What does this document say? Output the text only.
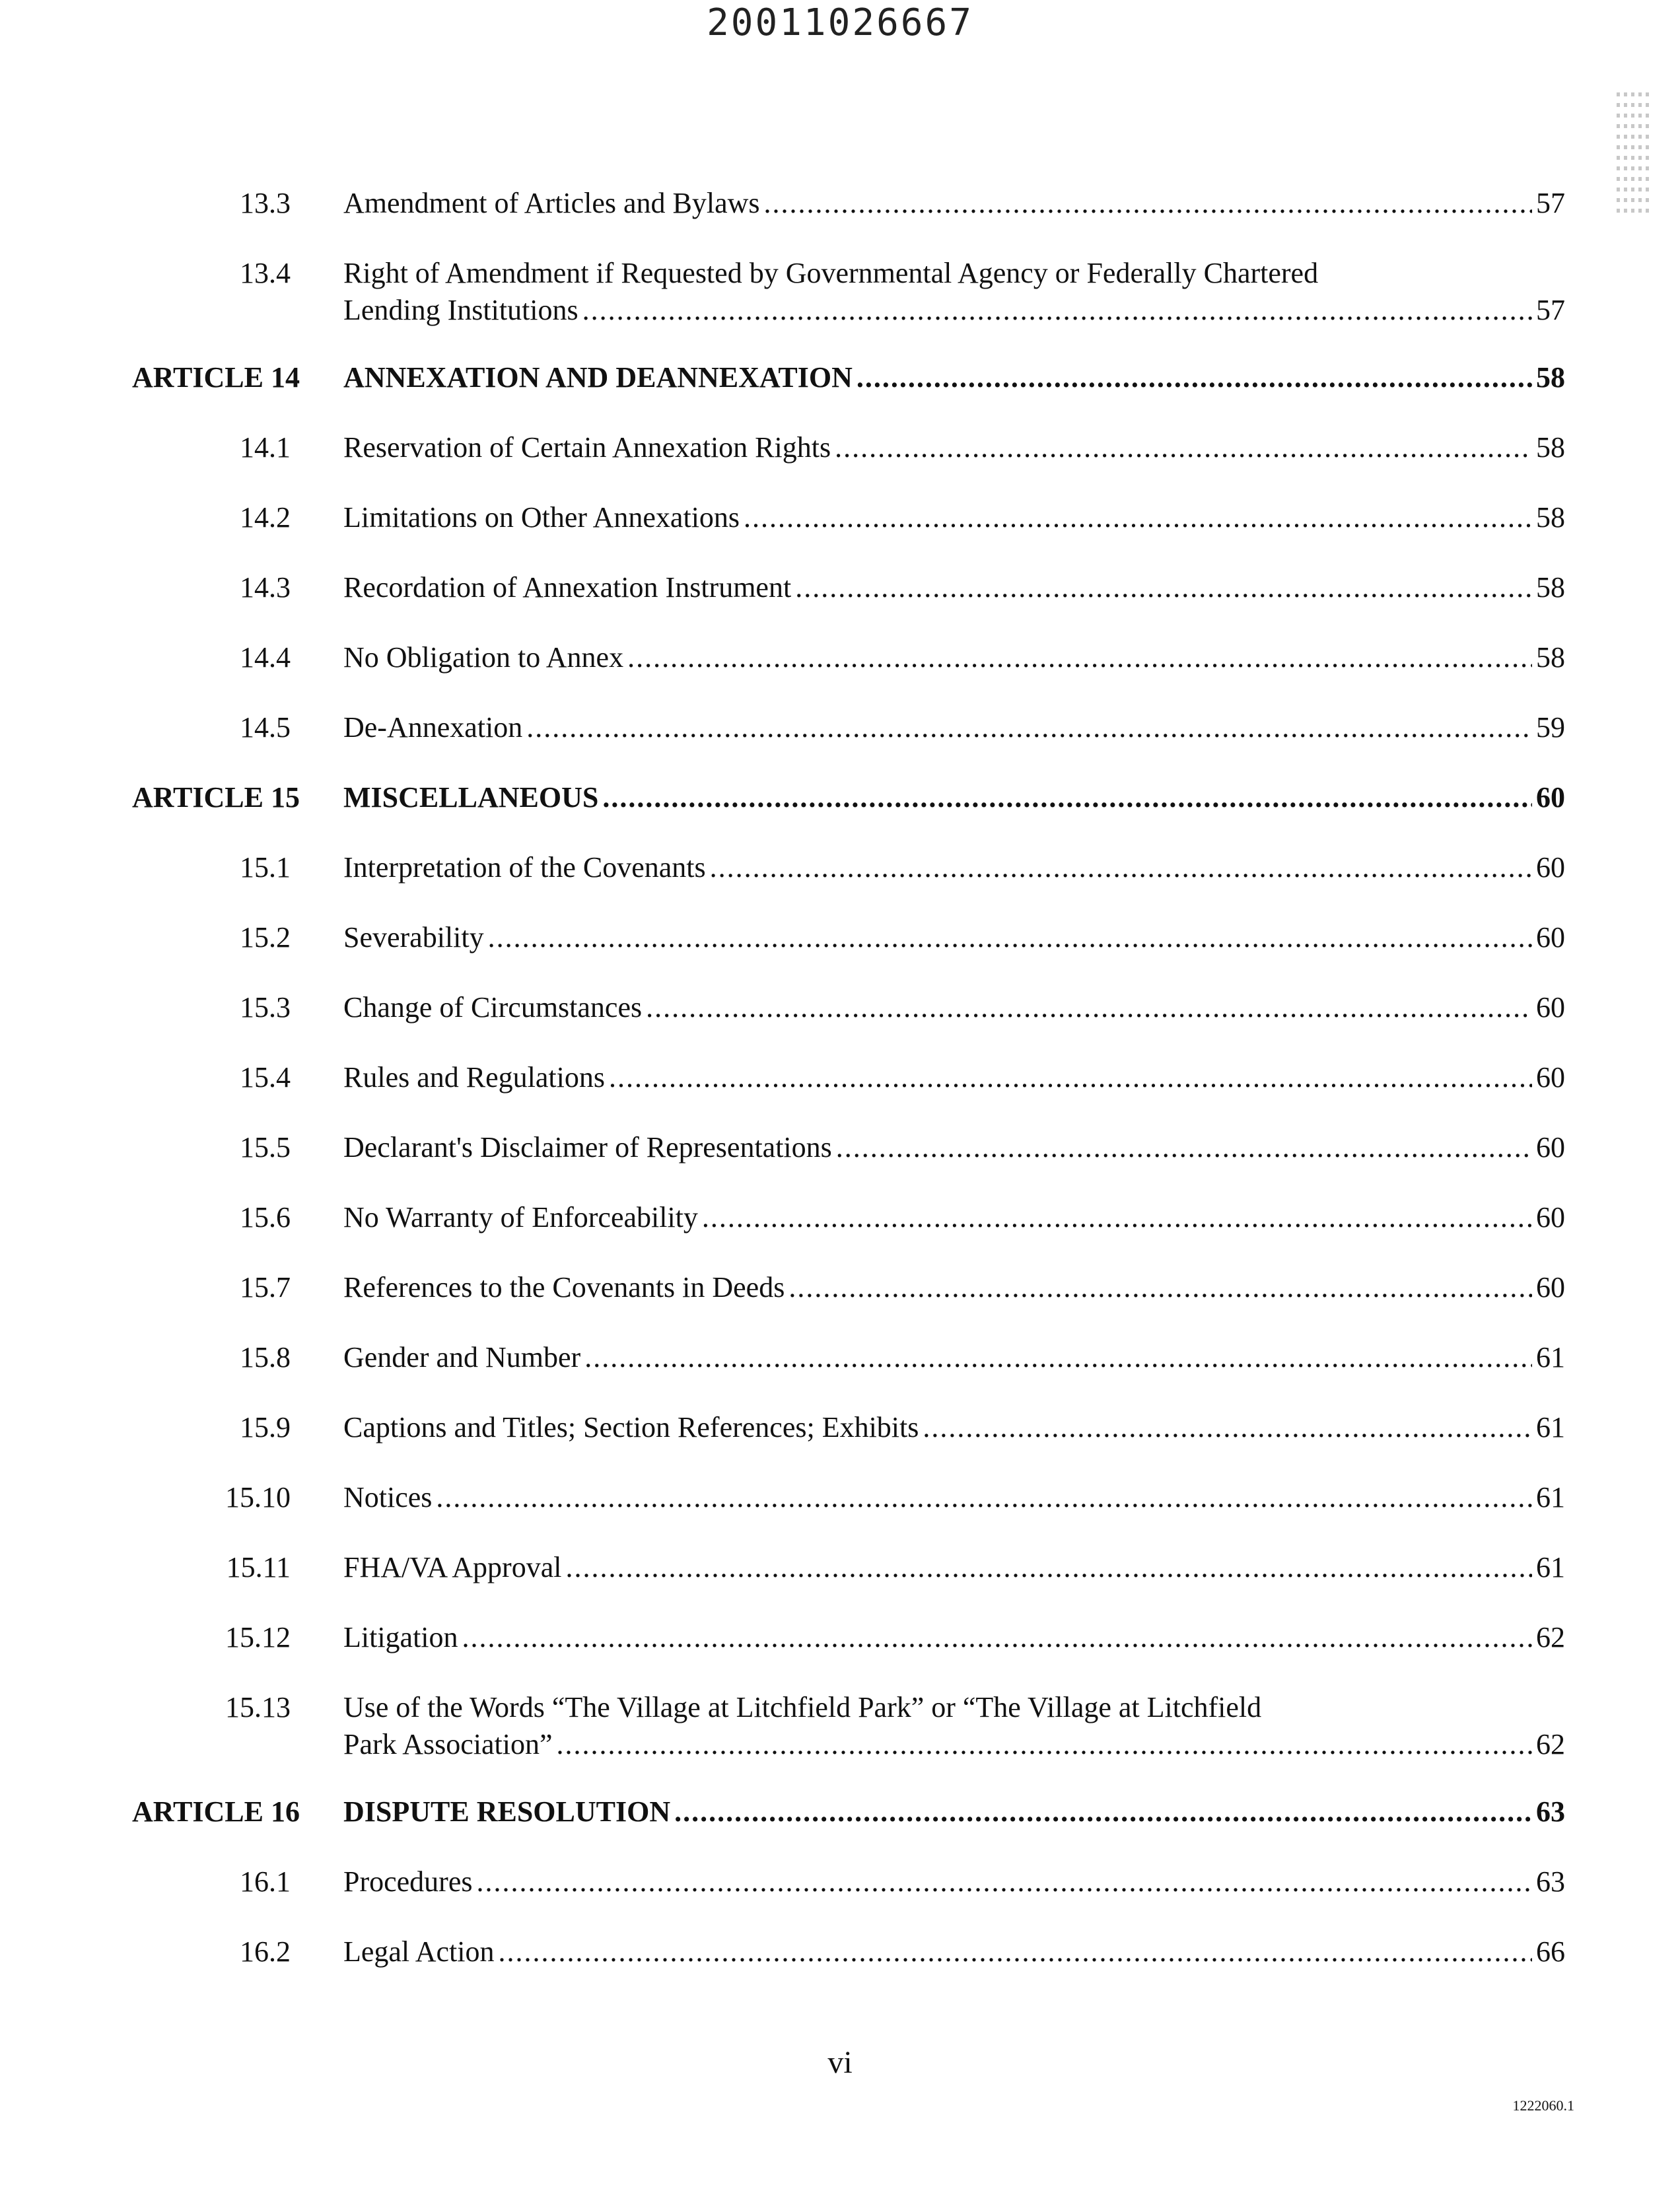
20011026667
13.3 Amendment of Articles and Bylaws .....	57
13.4 Right of Amendment if Requested by Governmental Agency or Federally Chartered
Lending Institutions .....	57
ARTICLE 14 ANNEXATION AND DEANNEXATION .....	58
14.1 Reservation of Certain Annexation Rights .....	58
14.2 Limitations on Other Annexations .....	58
14.3 Recordation of Annexation Instrument .....	58
14.4 No Obligation to Annex .....	58
14.5 De-Annexation .....	59
ARTICLE 15 MISCELLANEOUS .....	60
15.1 Interpretation of the Covenants .....	60
15.2 Severability .....	60
15.3 Change of Circumstances .....	60
15.4 Rules and Regulations .....	60
15.5 Declarant's Disclaimer of Representations .....	60
15.6 No Warranty of Enforceability .....	60
15.7 References to the Covenants in Deeds .....	60
15.8 Gender and Number .....	61
15.9 Captions and Titles; Section References; Exhibits .....	61
15.10 Notices .....	61
15.11 FHA/VA Approval .....	61
15.12 Litigation .....	62
15.13 Use of the Words “The Village at Litchfield Park” or “The Village at Litchfield
Park Association” .....	62
ARTICLE 16 DISPUTE RESOLUTION .....	63
16.1 Procedures .....	63
16.2 Legal Action .....	66
vi
1222060.1
